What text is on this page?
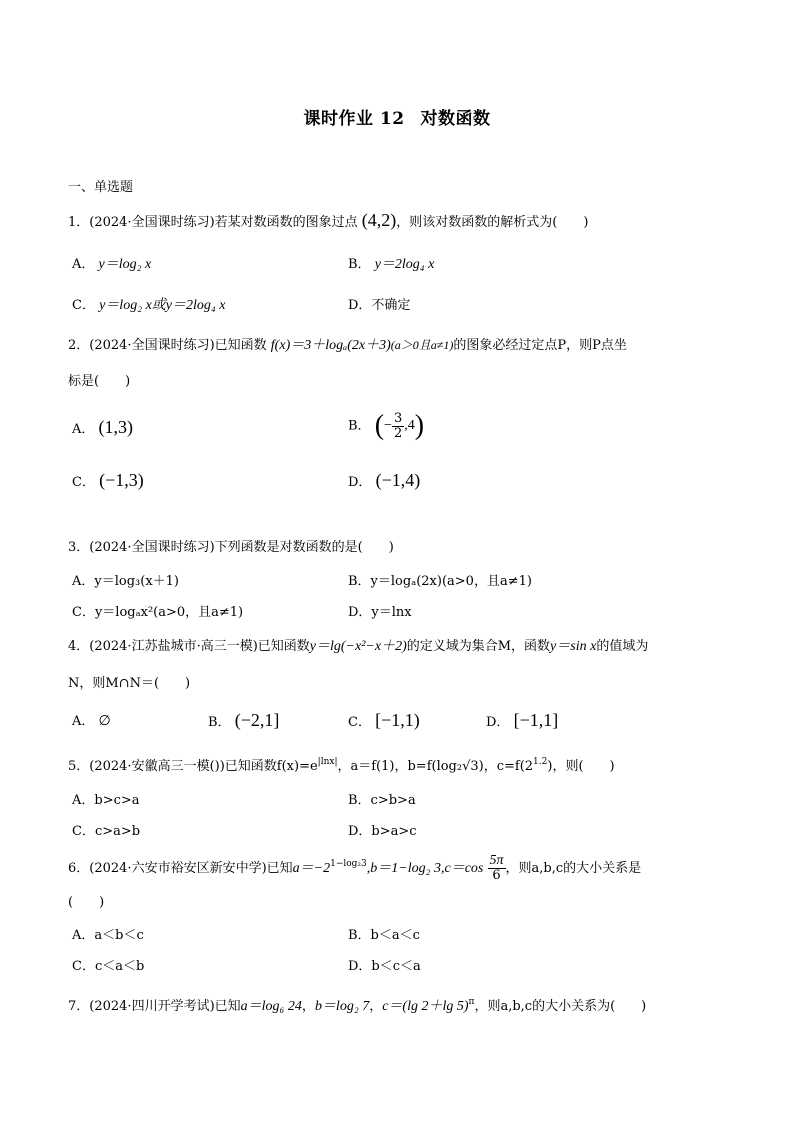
课时作业 12 对数函数
一、单选题
1．(2024·全国课时练习)若某对数函数的图象过点 (4,2)，则该对数函数的解析式为(　　)
A． y＝log₂ x	B． y＝2log₄ x
C． y＝log₂ x或y＝2log₄ x	D．不确定
2．(2024·全国课时练习)已知函数 f(x)＝3＋logₐ(2x＋3)(a＞0且a≠1)的图象必经过定点P，则P点坐
标是(　　)
A． (1,3)	B． (− $\frac{3}{2} ,4$)
C． (−1,3)	D． (−1,4)
3．(2024·全国课时练习)下列函数是对数函数的是(　　)
A．y＝log₃(x＋1)	B．y＝logₐ(2x)(a>0，且a≠1)
C．y＝logₐx²(a>0，且a≠1)	D．y＝lnx
4．(2024·江苏盐城市·高三一模)已知函数y＝lg(−x²−x＋2)的定义域为集合M，函数y＝sin x的值域为
N，则M∩N＝(　　)
A． ∅	B． (−2,1]	C． [−1,1)	D． [−1,1]
5．(2024·安徽高三一模())已知函数$f(x)=e^{|lnx|}$，a＝f(1)，b=f(log₂√3)，$c=f(2^{1.2})$，则(　　)
A．b>c>a	B．c>b>a
C．c>a>b	D．b>a>c
6．(2024·六安市裕安区新安中学)已知$a=-2^{1-log_23},b=1-\log_2$ $3,c=\cos \frac{5\pi}{6}$ ，则a,b,c的大小关系是
(　　)
A．a＜b＜c	B．b＜a＜c
C．c＜a＜b	D．b＜c＜a
7．(2024·四川开学考试)已知a＝log₆ 24，b＝log₂ 7，c＝(lg 2＋lg 5)$^\pi$，则a,b,c的大小关系为(　　)
